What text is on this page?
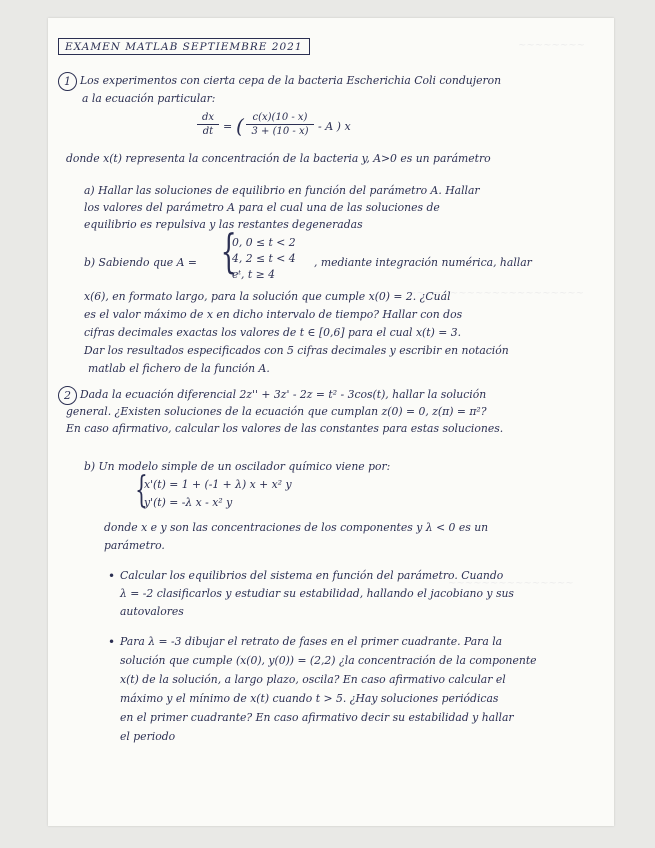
~~~~~~~~
~~~~~~~~~~~~~~~~~~~~~
~~~~~~~~~~~~~~~
EXAMEN MATLAB SEPTIEMBRE 2021
1 Los experimentos con cierta cepa de la bacteria Escherichia Coli condujeron
a la ecuación particular:
dx
dt = ( c(x)(10 - x)
3 + (10 - x) - A ) x
donde x(t) representa la concentración de la bacteria y, A>0 es un parámetro
a) Hallar las soluciones de equilibrio en función del parámetro A. Hallar
los valores del parámetro A para el cual una de las soluciones de
equilibrio es repulsiva y las restantes degeneradas
b) Sabiendo que A = {
0, 0 ≤ t < 2
4, 2 ≤ t < 4
eᵗ, t ≥ 4
, mediante integración numérica, hallar
x(6), en formato largo, para la solución que cumple x(0) = 2. ¿Cuál
es el valor máximo de x en dicho intervalo de tiempo? Hallar con dos
cifras decimales exactas los valores de t ∈ [0,6] para el cual x(t) = 3.
Dar los resultados especificados con 5 cifras decimales y escribir en notación
matlab el fichero de la función A.
2 Dada la ecuación diferencial 2z'' + 3z' - 2z = t² - 3cos(t), hallar la solución
general. ¿Existen soluciones de la ecuación que cumplan z(0) = 0, z(π) = π²?
En caso afirmativo, calcular los valores de las constantes para estas soluciones.
b) Un modelo simple de un oscilador químico viene por:
{
x'(t) = 1 + (-1 + λ) x + x² y
y'(t) = -λ x - x² y
donde x e y son las concentraciones de los componentes y λ < 0 es un
parámetro.
• Calcular los equilibrios del sistema en función del parámetro. Cuando
λ = -2 clasificarlos y estudiar su estabilidad, hallando el jacobiano y sus
autovalores
• Para λ = -3 dibujar el retrato de fases en el primer cuadrante. Para la
solución que cumple (x(0), y(0)) = (2,2) ¿la concentración de la componente
x(t) de la solución, a largo plazo, oscila? En caso afirmativo calcular el
máximo y el mínimo de x(t) cuando t > 5. ¿Hay soluciones periódicas
en el primer cuadrante? En caso afirmativo decir su estabilidad y hallar
el periodo
